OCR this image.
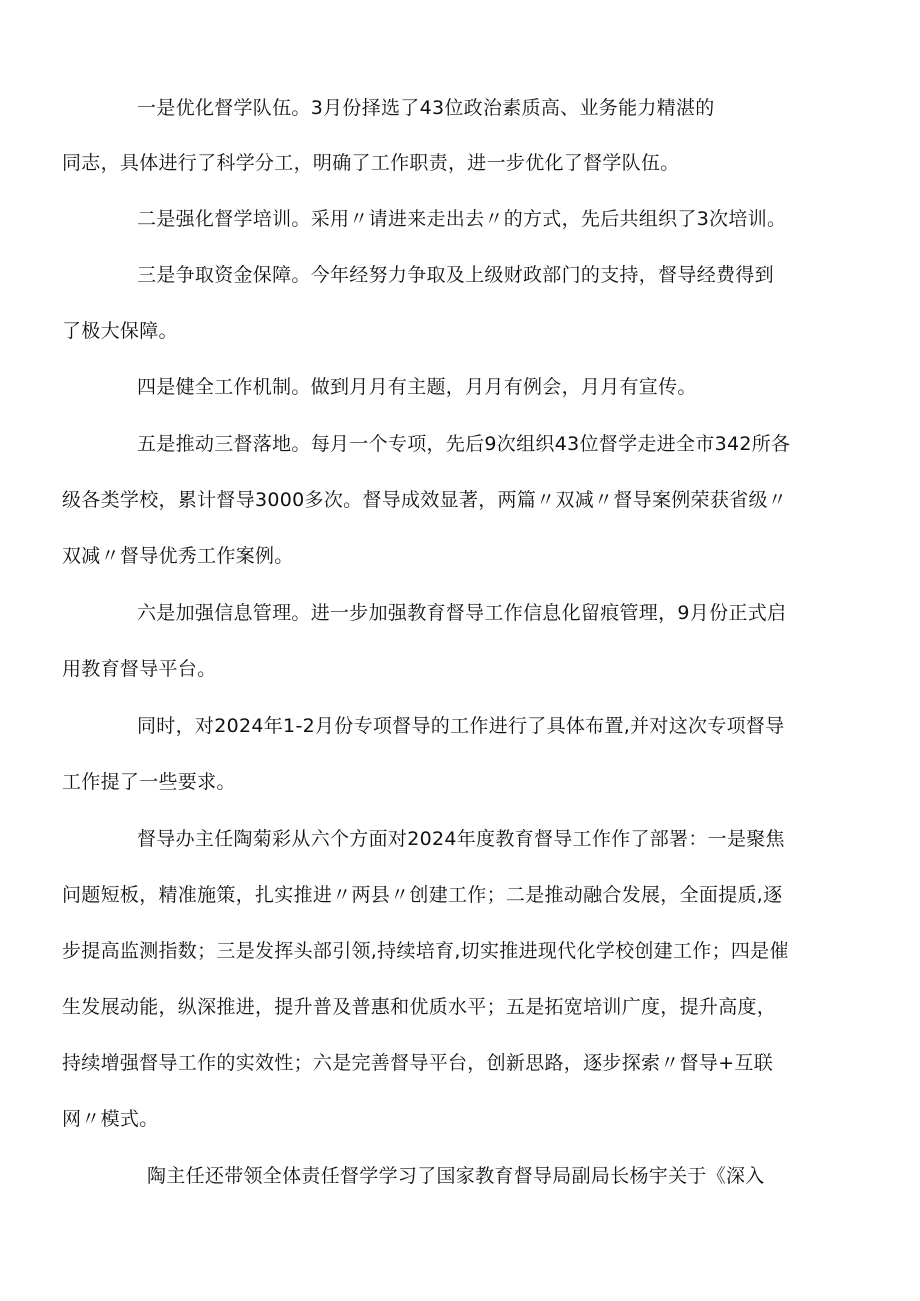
一是优化督学队伍。3月份择选了43位政治素质高、业务能力精湛的
同志，具体进行了科学分工，明确了工作职责，进一步优化了督学队伍。
二是强化督学培训。采用〃请进来走出去〃的方式，先后共组织了3次培训。
三是争取资金保障。今年经努力争取及上级财政部门的支持，督导经费得到
了极大保障。
四是健全工作机制。做到月月有主题，月月有例会，月月有宣传。
五是推动三督落地。每月一个专项，先后9次组织43位督学走进全市342所各
级各类学校，累计督导3000多次。督导成效显著，两篇〃双减〃督导案例荣获省级〃
双减〃督导优秀工作案例。
六是加强信息管理。进一步加强教育督导工作信息化留痕管理，9月份正式启
用教育督导平台。
同时，对2024年1-2月份专项督导的工作进行了具体布置,并对这次专项督导
工作提了一些要求。
督导办主任陶菊彩从六个方面对2024年度教育督导工作作了部署：一是聚焦
问题短板，精准施策，扎实推进〃两县〃创建工作；二是推动融合发展，全面提质,逐
步提高监测指数；三是发挥头部引领,持续培育,切实推进现代化学校创建工作；四是催
生发展动能，纵深推进，提升普及普惠和优质水平；五是拓宽培训广度，提升高度，
持续增强督导工作的实效性；六是完善督导平台，创新思路，逐步探索〃督导+互联
网〃模式。
陶主任还带领全体责任督学学习了国家教育督导局副局长杨宇关于《深入
